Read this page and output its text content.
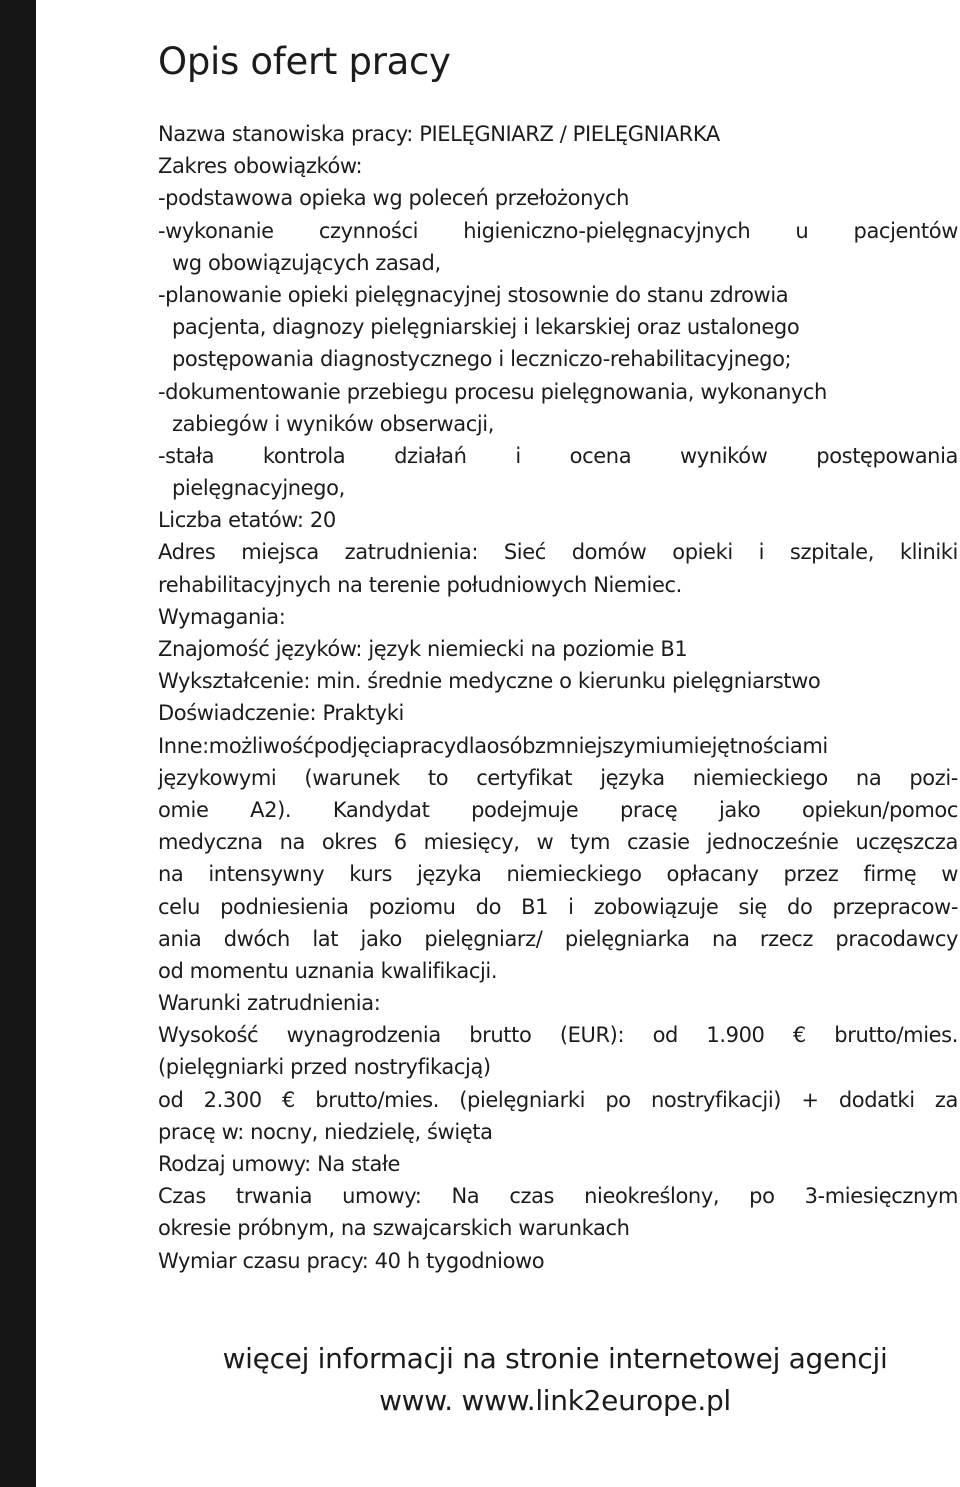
Opis ofert pracy
Nazwa stanowiska pracy: PIELĘGNIARZ / PIELĘGNIARKA
Zakres obowiązków:
-podstawowa opieka wg poleceń przełożonych
-wykonanie czynności higieniczno-pielęgnacyjnych u pacjentów
wg obowiązujących zasad,
-planowanie opieki pielęgnacyjnej stosownie do stanu zdrowia
pacjenta, diagnozy pielęgniarskiej i lekarskiej oraz ustalonego
postępowania diagnostycznego i leczniczo-rehabilitacyjnego;
-dokumentowanie przebiegu procesu pielęgnowania, wykonanych
zabiegów i wyników obserwacji,
-stała kontrola działań i ocena wyników postępowania
pielęgnacyjnego,
Liczba etatów: 20
Adres miejsca zatrudnienia: Sieć domów opieki i szpitale, kliniki
rehabilitacyjnych na terenie południowych Niemiec.
Wymagania:
Znajomość języków: język niemiecki na poziomie B1
Wykształcenie: min. średnie medyczne o kierunku pielęgniarstwo
Doświadczenie: Praktyki
Inne:możliwośćpodjęciapracydlaosóbzmniejszymiumiejętnościami
językowymi (warunek to certyfikat języka niemieckiego na pozi-
omie A2). Kandydat podejmuje pracę jako opiekun/pomoc
medyczna na okres 6 miesięcy, w tym czasie jednocześnie uczęszcza
na intensywny kurs języka niemieckiego opłacany przez firmę w
celu podniesienia poziomu do B1 i zobowiązuje się do przepracow-
ania dwóch lat jako pielęgniarz/ pielęgniarka na rzecz pracodawcy
od momentu uznania kwalifikacji.
Warunki zatrudnienia:
Wysokość wynagrodzenia brutto (EUR): od 1.900 € brutto/mies.
(pielęgniarki przed nostryfikacją)
od 2.300 € brutto/mies. (pielęgniarki po nostryfikacji) + dodatki za
pracę w: nocny, niedzielę, święta
Rodzaj umowy: Na stałe
Czas trwania umowy: Na czas nieokreślony, po 3-miesięcznym
okresie próbnym, na szwajcarskich warunkach
Wymiar czasu pracy: 40 h tygodniowo
więcej informacji na stronie internetowej agencji
www. www.link2europe.pl
